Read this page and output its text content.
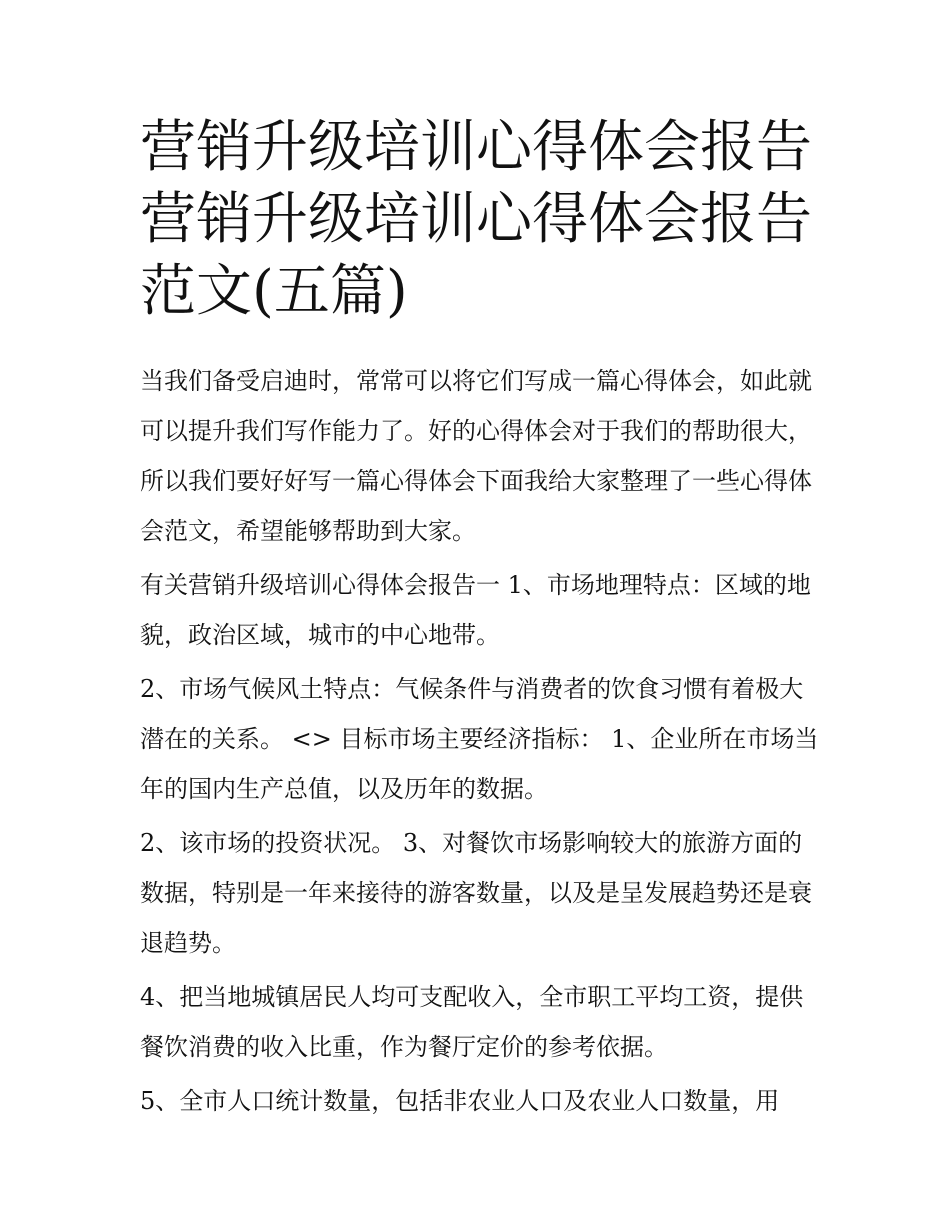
营销升级培训心得体会报告 营销升级培训心得体会报告范文(五篇)

当我们备受启迪时，常常可以将它们写成一篇心得体会，如此就可以提升我们写作能力了。好的心得体会对于我们的帮助很大，所以我们要好好写一篇心得体会下面我给大家整理了一些心得体会范文，希望能够帮助到大家。

有关营销升级培训心得体会报告一 1、市场地理特点：区域的地貌，政治区域，城市的中心地带。

2、市场气候风土特点：气候条件与消费者的饮食习惯有着极大潜在的关系。 <> 目标市场主要经济指标： 1、企业所在市场当年的国内生产总值，以及历年的数据。

2、该市场的投资状况。 3、对餐饮市场影响较大的旅游方面的数据，特别是一年来接待的游客数量，以及是呈发展趋势还是衰退趋势。

4、把当地城镇居民人均可支配收入，全市职工平均工资，提供餐饮消费的收入比重，作为餐厅定价的参考依据。

5、全市人口统计数量，包括非农业人口及农业人口数量，用
